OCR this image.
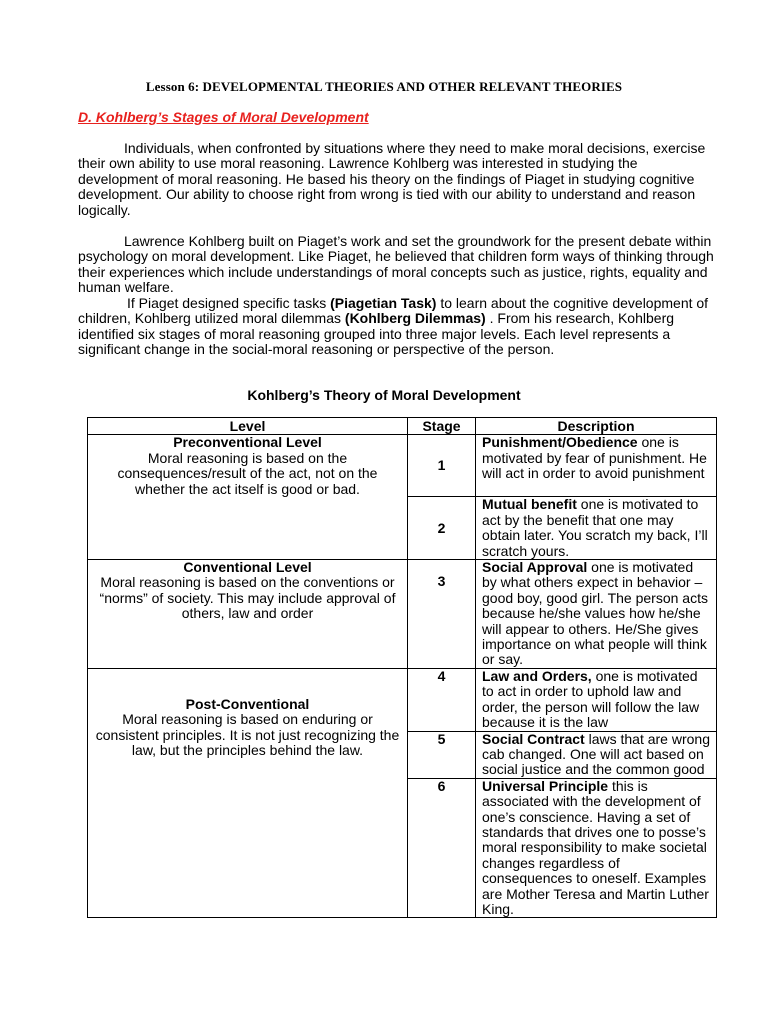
Lesson 6: DEVELOPMENTAL THEORIES AND OTHER RELEVANT THEORIES
D. Kohlberg’s Stages of Moral Development

Individuals, when confronted by situations where they need to make moral decisions, exercise their own ability to use moral reasoning. Lawrence Kohlberg was interested in studying the development of moral reasoning. He based his theory on the findings of Piaget in studying cognitive development. Our ability to choose right from wrong is tied with our ability to understand and reason logically.

Lawrence Kohlberg built on Piaget’s work and set the groundwork for the present debate within psychology on moral development. Like Piaget, he believed that children form ways of thinking through their experiences which include understandings of moral concepts such as justice, rights, equality and human welfare.

If Piaget designed specific tasks (Piagetian Task) to learn about the cognitive development of children, Kohlberg utilized moral dilemmas (Kohlberg Dilemmas) . From his research, Kohlberg identified six stages of moral reasoning grouped into three major levels. Each level represents a significant change in the social-moral reasoning or perspective of the person.

Kohlberg’s Theory of Moral Development
Level	Stage	Description

Preconventional Level
Moral reasoning is based on the consequences/result of the act, not on the whether the act itself is good or bad.	1	Punishment/Obedience one is motivated by fear of punishment. He will act in order to avoid punishment
	2	Mutual benefit one is motivated to act by the benefit that one may obtain later. You scratch my back, I’ll scratch yours.

Conventional Level
Moral reasoning is based on the conventions or “norms” of society. This may include approval of others, law and order	3	Social Approval one is motivated by what others expect in behavior – good boy, good girl. The person acts because he/she values how he/she will appear to others. He/She gives importance on what people will think or say.

Post-Conventional
Moral reasoning is based on enduring or consistent principles. It is not just recognizing the law, but the principles behind the law.	4	Law and Orders, one is motivated to act in order to uphold law and order, the person will follow the law because it is the law
	5	Social Contract laws that are wrong cab changed. One will act based on social justice and the common good
	6	Universal Principle this is associated with the development of one’s conscience. Having a set of standards that drives one to posse’s moral responsibility to make societal changes regardless of consequences to oneself. Examples are Mother Teresa and Martin Luther King.
